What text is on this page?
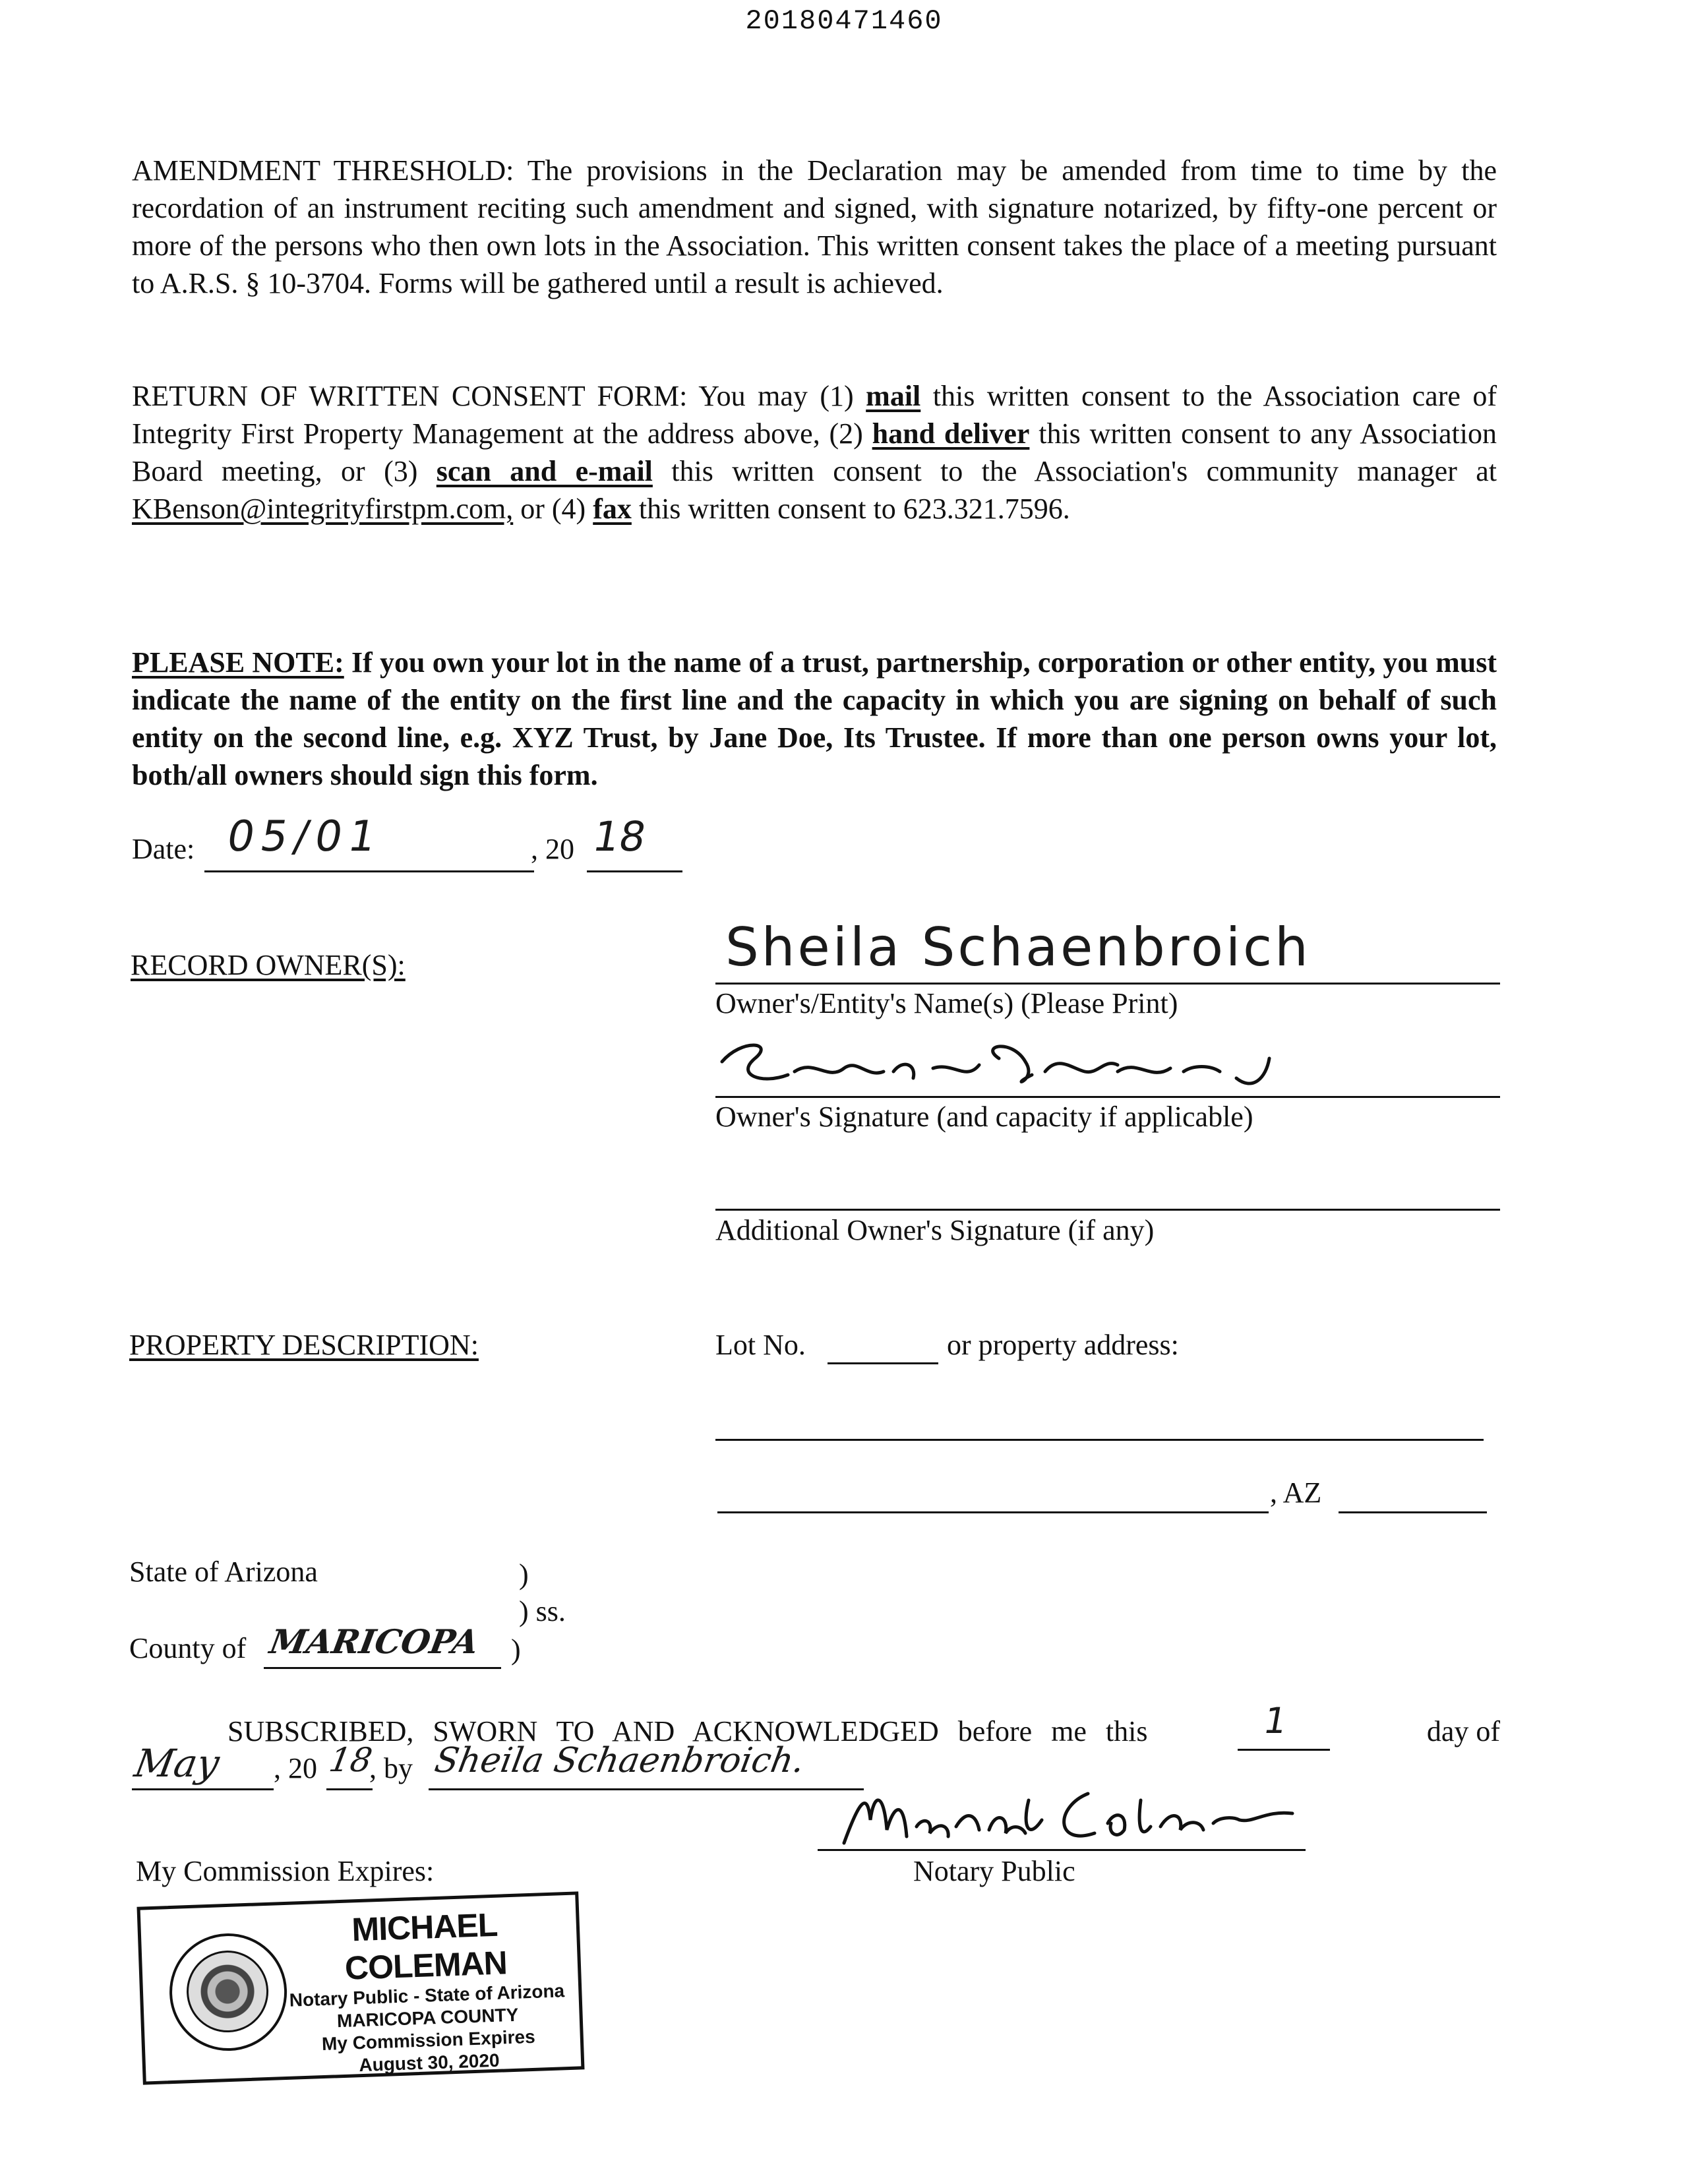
20180471460
AMENDMENT THRESHOLD: The provisions in the Declaration may be amended from time to time by the recordation of an instrument reciting such amendment and signed, with signature notarized, by fifty-one percent or more of the persons who then own lots in the Association. This written consent takes the place of a meeting pursuant to A.R.S. § 10-3704. Forms will be gathered until a result is achieved.
RETURN OF WRITTEN CONSENT FORM: You may (1) mail this written consent to the Association care of Integrity First Property Management at the address above, (2) hand deliver this written consent to any Association Board meeting, or (3) scan and e-mail this written consent to the Association's community manager at KBenson@integrityfirstpm.com, or (4) fax this written consent to 623.321.7596.
PLEASE NOTE: If you own your lot in the name of a trust, partnership, corporation or other entity, you must indicate the name of the entity on the first line and the capacity in which you are signing on behalf of such entity on the second line, e.g. XYZ Trust, by Jane Doe, Its Trustee. If more than one person owns your lot, both/all owners should sign this form.
Date: 05/01	, 20 18
RECORD OWNER(S):	Sheila Schaenbroich
Owner's/Entity's Name(s) (Please Print)
Owner's Signature (and capacity if applicable)
Additional Owner's Signature (if any)
PROPERTY DESCRIPTION:	Lot No.	or property address:
, AZ
State of Arizona	)
) ss.
County of MARICOPA )
SUBSCRIBED, SWORN TO AND ACKNOWLEDGED before me this	1	day of
May , 20 18
, by Sheila Schaenbroich.
Notary Public
My Commission Expires:
MICHAEL COLEMAN
Notary Public - State of Arizona
MARICOPA COUNTY
My Commission Expires
August 30, 2020
